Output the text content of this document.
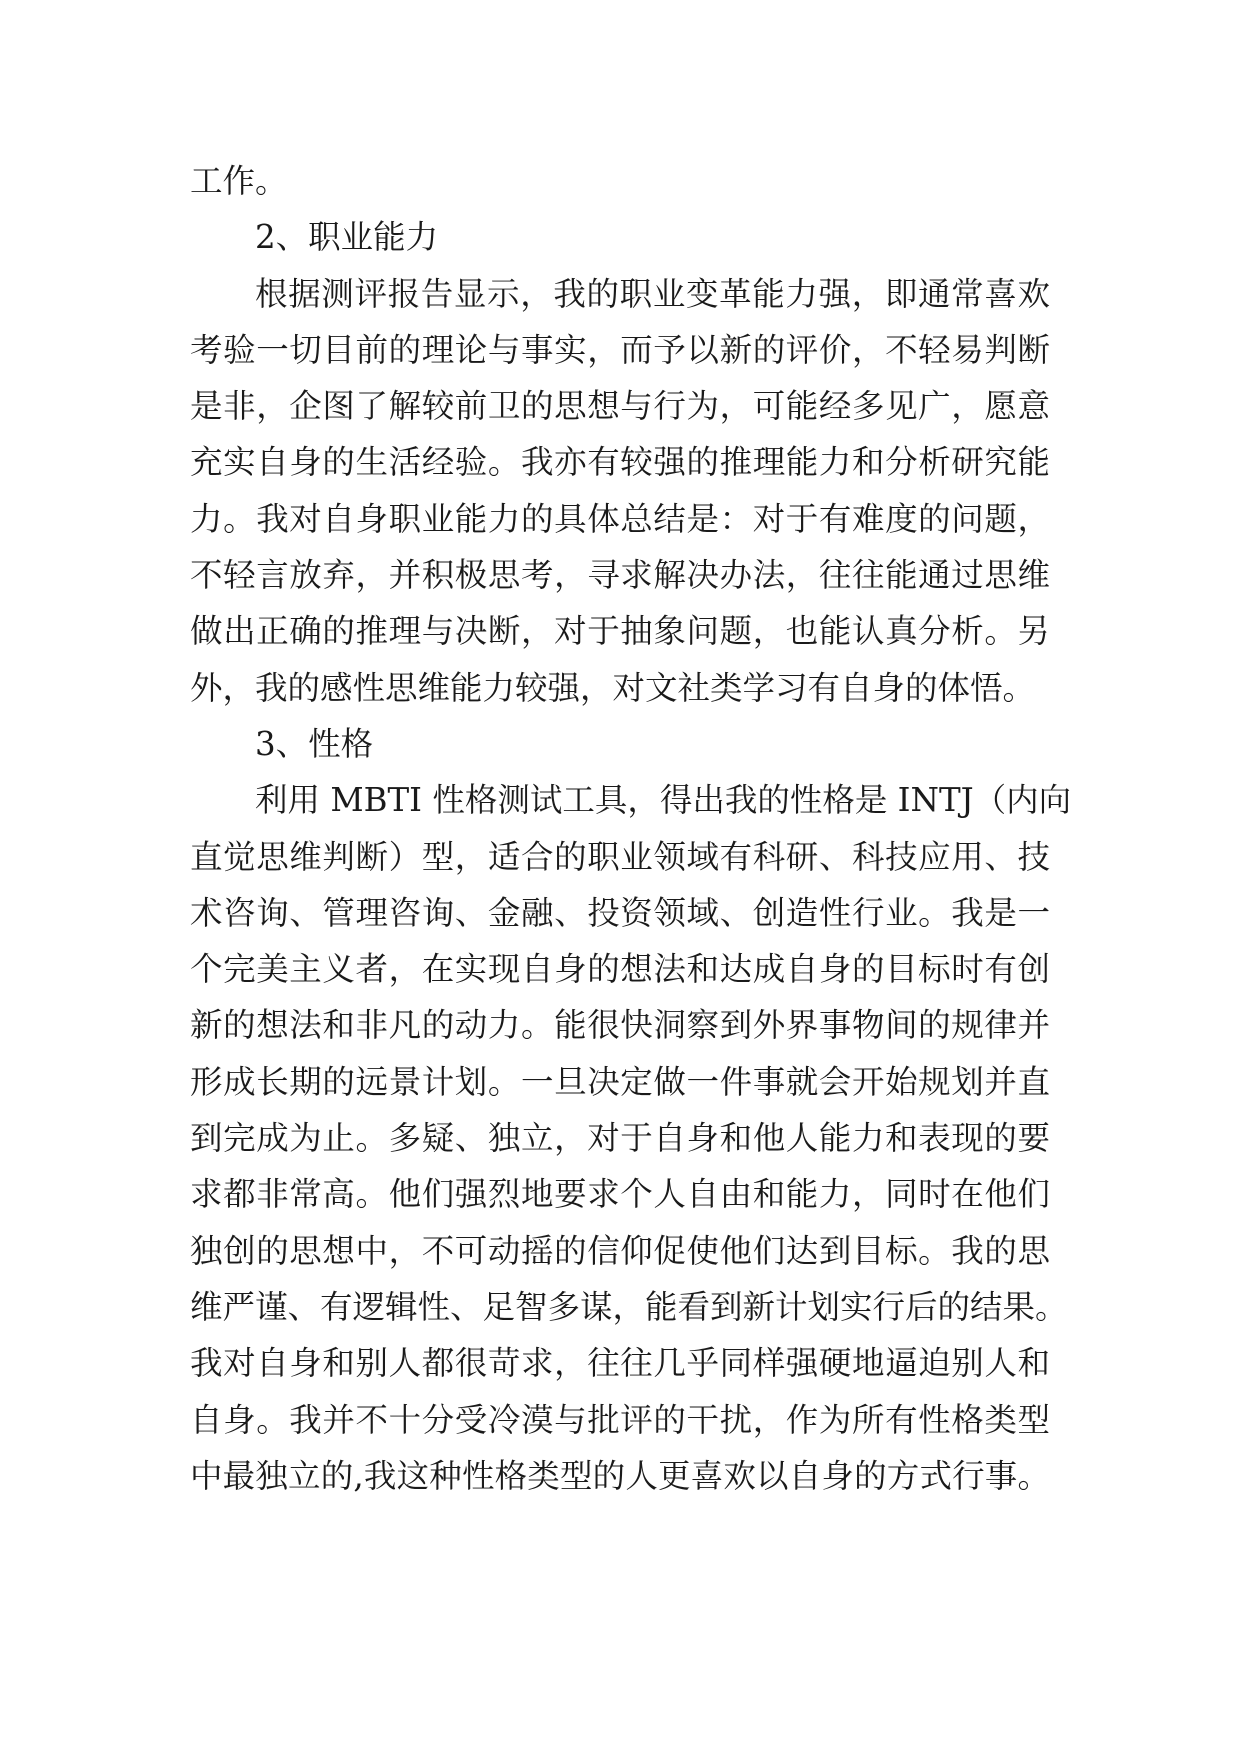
工作。
2、职业能力
根据测评报告显示，我的职业变革能力强，即通常喜欢
考验一切目前的理论与事实，而予以新的评价，不轻易判断
是非，企图了解较前卫的思想与行为，可能经多见广，愿意
充实自身的生活经验。我亦有较强的推理能力和分析研究能
力。我对自身职业能力的具体总结是：对于有难度的问题，
不轻言放弃，并积极思考，寻求解决办法，往往能通过思维
做出正确的推理与决断，对于抽象问题，也能认真分析。另
外，我的感性思维能力较强，对文社类学习有自身的体悟。
3、性格
利用 MBTI 性格测试工具，得出我的性格是 INTJ（内向
直觉思维判断）型，适合的职业领域有科研、科技应用、技
术咨询、管理咨询、金融、投资领域、创造性行业。我是一
个完美主义者，在实现自身的想法和达成自身的目标时有创
新的想法和非凡的动力。能很快洞察到外界事物间的规律并
形成长期的远景计划。一旦决定做一件事就会开始规划并直
到完成为止。多疑、独立，对于自身和他人能力和表现的要
求都非常高。他们强烈地要求个人自由和能力，同时在他们
独创的思想中，不可动摇的信仰促使他们达到目标。我的思
维严谨、有逻辑性、足智多谋，能看到新计划实行后的结果。
我对自身和别人都很苛求，往往几乎同样强硬地逼迫别人和
自身。我并不十分受冷漠与批评的干扰，作为所有性格类型
中最独立的,我这种性格类型的人更喜欢以自身的方式行事。
